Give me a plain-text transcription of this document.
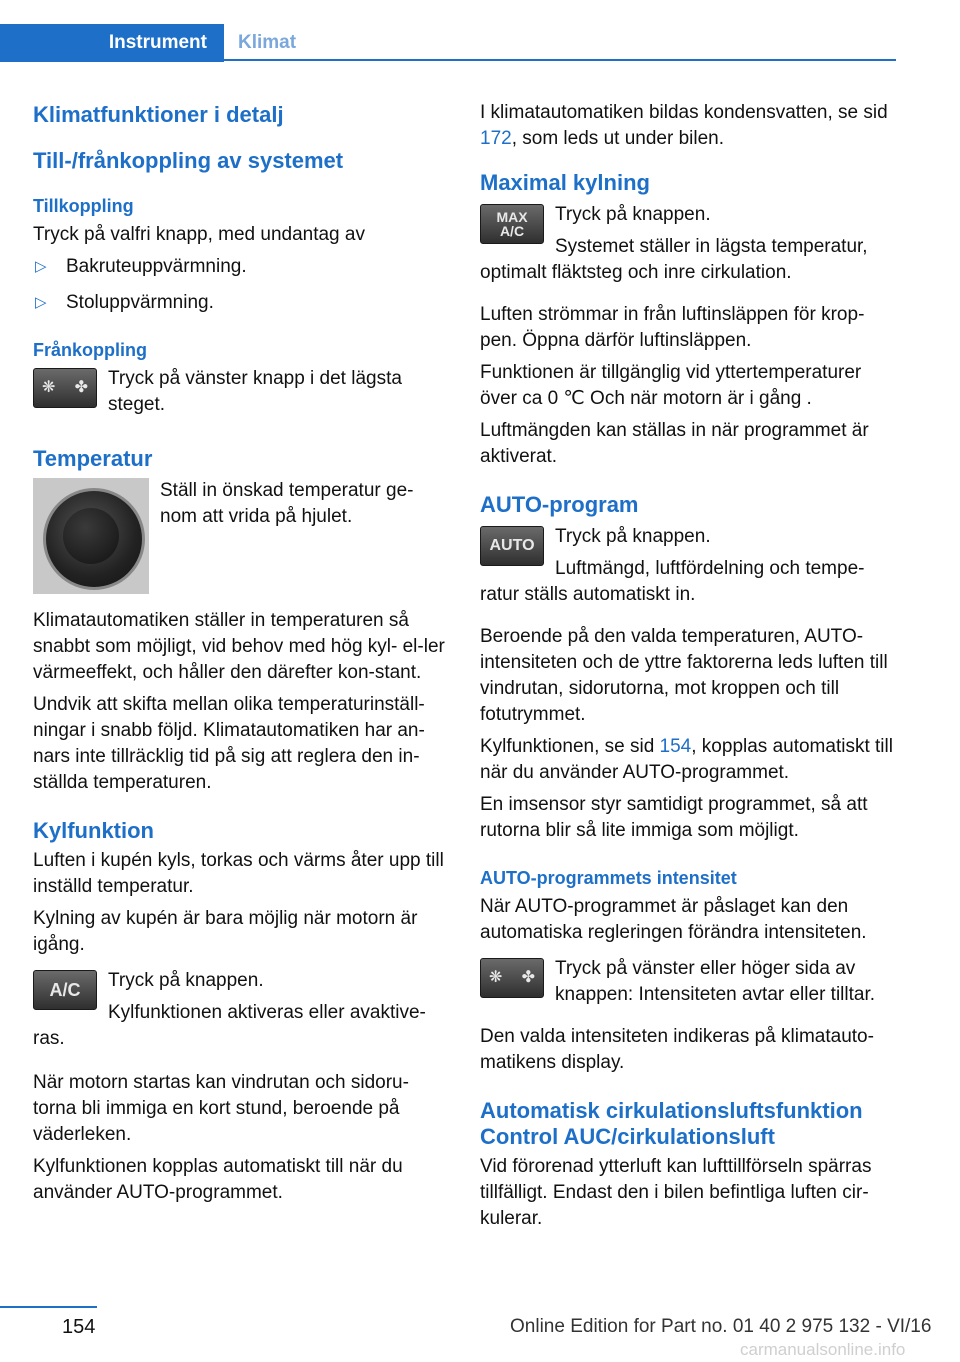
Instrument Klimat
Klimatfunktioner i detalj
Till-/frånkoppling av systemet
Tillkoppling

Tryck på valfri knapp, med undantag av

▷ Bakruteuppvärmning.
▷ Stoluppvärmning.
Frånkoppling
❋ ✤	Tryck på vänster knapp i det lägsta steget.

Temperatur

Ställ in önskad temperatur ge-nom att vrida på hjulet.

Klimatautomatiken ställer in temperaturen så snabbt som möjligt, vid behov med hög kyl- el-ler värmeeffekt, och håller den därefter kon-stant.

Undvik att skifta mellan olika temperaturinställ-ningar i snabb följd. Klimatautomatiken har an-nars inte tillräcklig tid på sig att reglera den in-ställda temperaturen.

Kylfunktion

Luften i kupén kyls, torkas och värms åter upp till inställd temperatur.

Kylning av kupén är bara möjlig när motorn är igång.

A/C	Tryck på knappen.

Kylfunktionen aktiveras eller avaktive-ras.

När motorn startas kan vindrutan och sidoru-torna bli immiga en kort stund, beroende på väderleken.

Kylfunktionen kopplas automatiskt till när du använder AUTO-programmet.

I klimatautomatiken bildas kondensvatten, se sid 172, som leds ut under bilen.

Maximal kylning
MAX
A/C

Tryck på knappen.

Systemet ställer in lägsta temperatur, optimalt fläktsteg och inre cirkulation.

Luften strömmar in från luftinsläppen för krop-pen. Öppna därför luftinsläppen.

Funktionen är tillgänglig vid yttertemperaturer över ca 0 ℃ Och när motorn är i gång .

Luftmängden kan ställas in när programmet är aktiverat.

AUTO-program
AUTO	Tryck på knappen.

Luftmängd, luftfördelning och tempe-ratur ställs automatiskt in.

Beroende på den valda temperaturen, AUTO-intensiteten och de yttre faktorerna leds luften till vindrutan, sidorutorna, mot kroppen och till fotutrymmet.

Kylfunktionen, se sid 154, kopplas automatiskt till när du använder AUTO-programmet.

En imsensor styr samtidigt programmet, så att rutorna blir så lite immiga som möjligt.

AUTO-programmets intensitet

När AUTO-programmet är påslaget kan den automatiska regleringen förändra intensiteten.

❋ ✤	Tryck på vänster eller höger sida av knappen: Intensiteten avtar eller tilltar.

Den valda intensiteten indikeras på klimatauto-matikens display.

Automatisk cirkulationsluftsfunktion Control AUC/cirkulationsluft

Vid förorenad ytterluft kan lufttillförseln spärras tillfälligt. Endast den i bilen befintliga luften cir-kulerar.

154	Online Edition for Part no. 01 40 2 975 132 - VI/16
carmanualsonline.info
